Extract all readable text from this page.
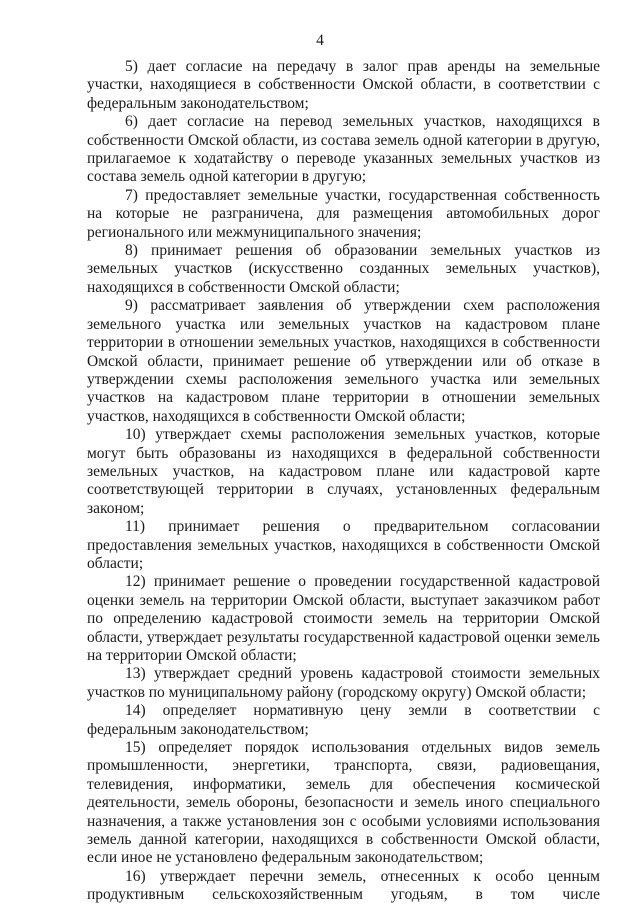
4

5) дает согласие на передачу в залог прав аренды на земельные участки, находящиеся в собственности Омской области, в соответствии с федеральным законодательством;

6) дает согласие на перевод земельных участков, находящихся в собственности Омской области, из состава земель одной категории в другую, прилагаемое к ходатайству о переводе указанных земельных участков из состава земель одной категории в другую;

7) предоставляет земельные участки, государственная собственность на которые не разграничена, для размещения автомобильных дорог регионального или межмуниципального значения;

8) принимает решения об образовании земельных участков из земельных участков (искусственно созданных земельных участков), находящихся в собственности Омской области;

9) рассматривает заявления об утверждении схем расположения земельного участка или земельных участков на кадастровом плане территории в отношении земельных участков, находящихся в собственности Омской области, принимает решение об утверждении или об отказе в утверждении схемы расположения земельного участка или земельных участков на кадастровом плане территории в отношении земельных участков, находящихся в собственности Омской области;

10) утверждает схемы расположения земельных участков, которые могут быть образованы из находящихся в федеральной собственности земельных участков, на кадастровом плане или кадастровой карте соответствующей территории в случаях, установленных федеральным законом;

11) принимает решения о предварительном согласовании предоставления земельных участков, находящихся в собственности Омской области;

12) принимает решение о проведении государственной кадастровой оценки земель на территории Омской области, выступает заказчиком работ по определению кадастровой стоимости земель на территории Омской области, утверждает результаты государственной кадастровой оценки земель на территории Омской области;

13) утверждает средний уровень кадастровой стоимости земельных участков по муниципальному району (городскому округу) Омской области;

14) определяет нормативную цену земли в соответствии с федеральным законодательством;

15) определяет порядок использования отдельных видов земель промышленности, энергетики, транспорта, связи, радиовещания, телевидения, информатики, земель для обеспечения космической деятельности, земель обороны, безопасности и земель иного специального назначения, а также установления зон с особыми условиями использования земель данной категории, находящихся в собственности Омской области, если иное не установлено федеральным законодательством;

16) утверждает перечни земель, отнесенных к особо ценным продуктивным сельскохозяйственным угодьям, в том числе
